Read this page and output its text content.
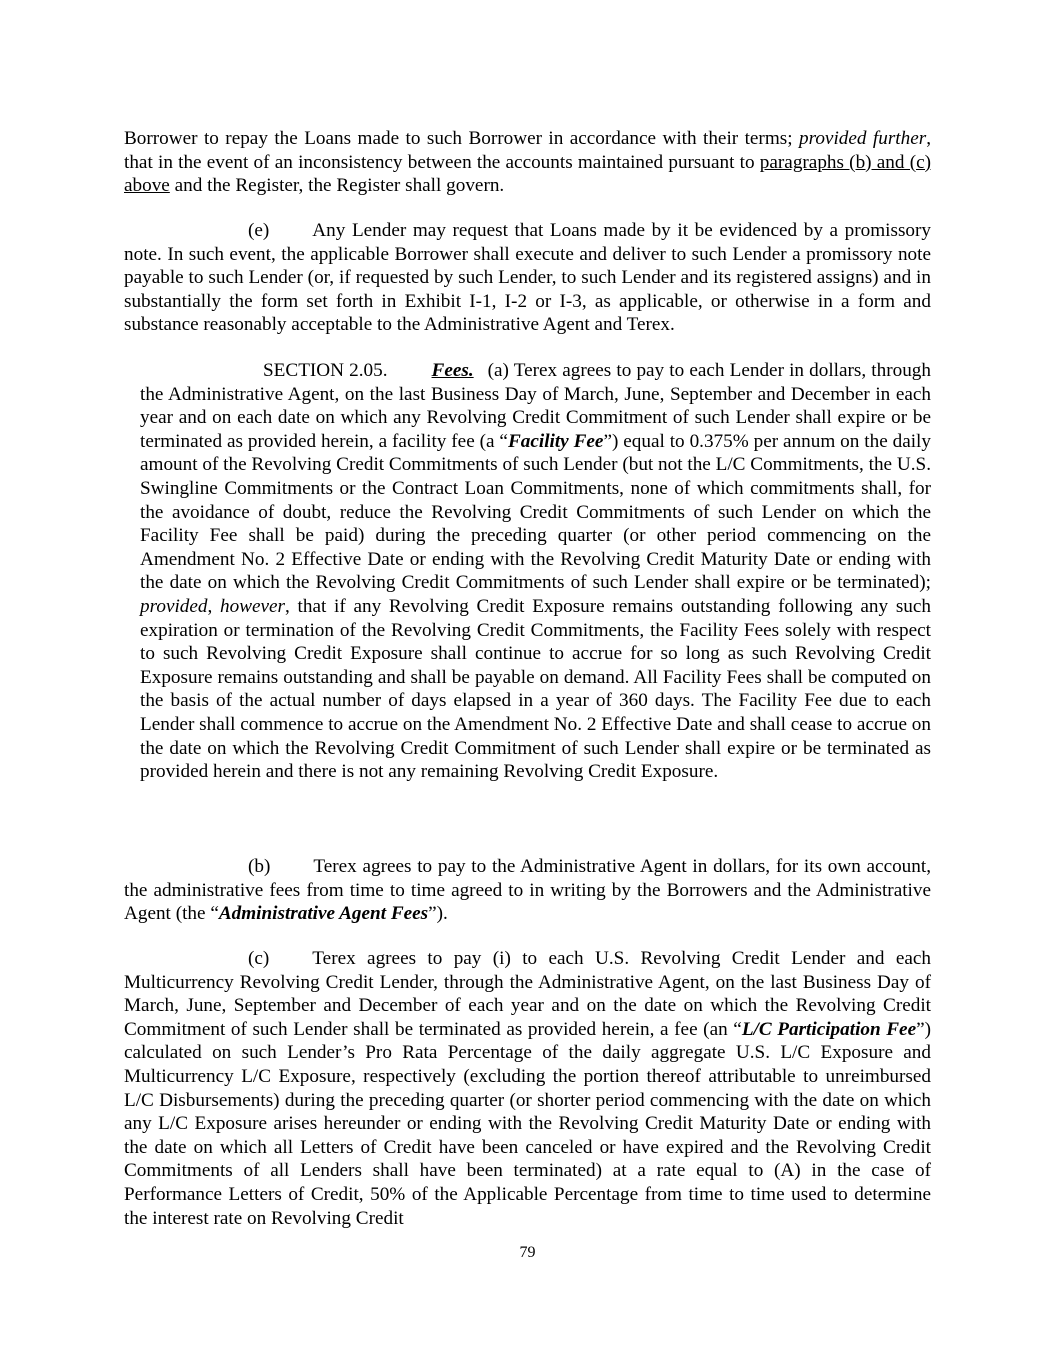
Borrower to repay the Loans made to such Borrower in accordance with their terms; provided further, that in the event of an inconsistency between the accounts maintained pursuant to paragraphs (b) and (c) above and the Register, the Register shall govern.

(e) Any Lender may request that Loans made by it be evidenced by a promissory note. In such event, the applicable Borrower shall execute and deliver to such Lender a promissory note payable to such Lender (or, if requested by such Lender, to such Lender and its registered assigns) and in substantially the form set forth in Exhibit I-1, I-2 or I-3, as applicable, or otherwise in a form and substance reasonably acceptable to the Administrative Agent and Terex.

SECTION 2.05. Fees. (a) Terex agrees to pay to each Lender in dollars, through the Administrative Agent, on the last Business Day of March, June, September and December in each year and on each date on which any Revolving Credit Commitment of such Lender shall expire or be terminated as provided herein, a facility fee (a “Facility Fee”) equal to 0.375% per annum on the daily amount of the Revolving Credit Commitments of such Lender (but not the L/C Commitments, the U.S. Swingline Commitments or the Contract Loan Commitments, none of which commitments shall, for the avoidance of doubt, reduce the Revolving Credit Commitments of such Lender on which the Facility Fee shall be paid) during the preceding quarter (or other period commencing on the Amendment No. 2 Effective Date or ending with the Revolving Credit Maturity Date or ending with the date on which the Revolving Credit Commitments of such Lender shall expire or be terminated); provided, however, that if any Revolving Credit Exposure remains outstanding following any such expiration or termination of the Revolving Credit Commitments, the Facility Fees solely with respect to such Revolving Credit Exposure shall continue to accrue for so long as such Revolving Credit Exposure remains outstanding and shall be payable on demand. All Facility Fees shall be computed on the basis of the actual number of days elapsed in a year of 360 days. The Facility Fee due to each Lender shall commence to accrue on the Amendment No. 2 Effective Date and shall cease to accrue on the date on which the Revolving Credit Commitment of such Lender shall expire or be terminated as provided herein and there is not any remaining Revolving Credit Exposure.

(b) Terex agrees to pay to the Administrative Agent in dollars, for its own account, the administrative fees from time to time agreed to in writing by the Borrowers and the Administrative Agent (the “Administrative Agent Fees”).

(c) Terex agrees to pay (i) to each U.S. Revolving Credit Lender and each Multicurrency Revolving Credit Lender, through the Administrative Agent, on the last Business Day of March, June, September and December of each year and on the date on which the Revolving Credit Commitment of such Lender shall be terminated as provided herein, a fee (an “L/C Participation Fee”) calculated on such Lender’s Pro Rata Percentage of the daily aggregate U.S. L/C Exposure and Multicurrency L/C Exposure, respectively (excluding the portion thereof attributable to unreimbursed L/C Disbursements) during the preceding quarter (or shorter period commencing with the date on which any L/C Exposure arises hereunder or ending with the Revolving Credit Maturity Date or ending with the date on which all Letters of Credit have been canceled or have expired and the Revolving Credit Commitments of all Lenders shall have been terminated) at a rate equal to (A) in the case of Performance Letters of Credit, 50% of the Applicable Percentage from time to time used to determine the interest rate on Revolving Credit

79
